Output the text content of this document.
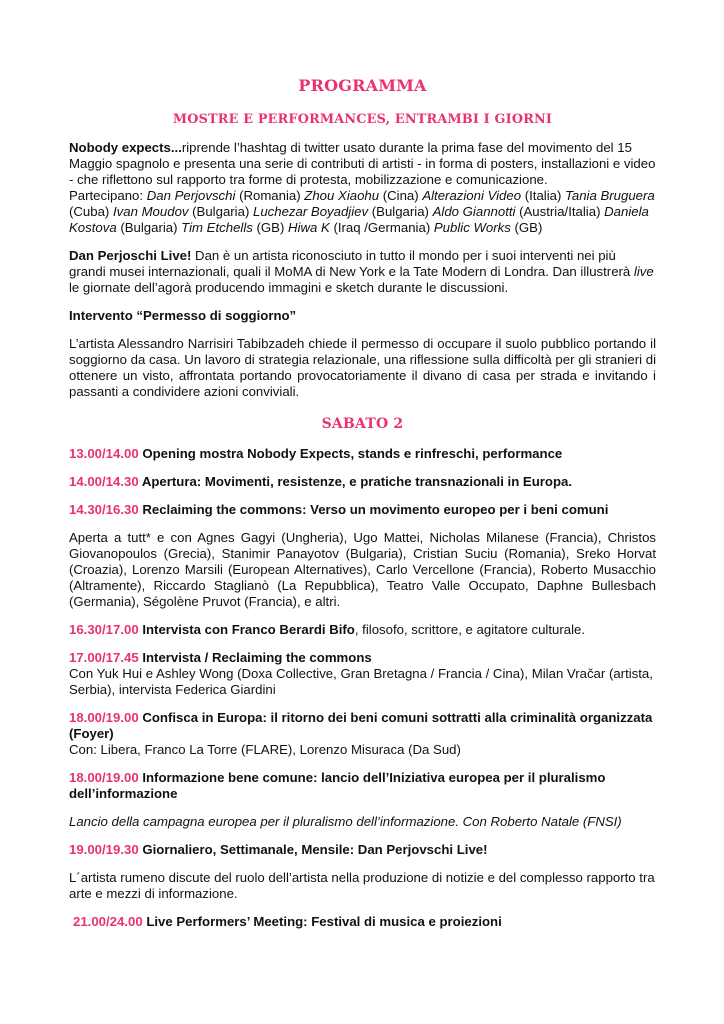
PROGRAMMA
MOSTRE E PERFORMANCES, ENTRAMBI I GIORNI

Nobody expects...riprende l’hashtag di twitter usato durante la prima fase del movimento del 15 Maggio spagnolo e presenta una serie di contributi di artisti - in forma di posters, installazioni e video - che riflettono sul rapporto tra forme di protesta, mobilizzazione e comunicazione.
Partecipano: Dan Perjovschi (Romania) Zhou Xiaohu (Cina) Alterazioni Video (Italia) Tania Bruguera (Cuba) Ivan Moudov (Bulgaria) Luchezar Boyadjiev (Bulgaria) Aldo Giannotti (Austria/Italia) Daniela Kostova (Bulgaria) Tim Etchells (GB) Hiwa K (Iraq /Germania) Public Works (GB)

Dan Perjoschi Live! Dan è un artista riconosciuto in tutto il mondo per i suoi interventi nei più grandi musei internazionali, quali il MoMA di New York e la Tate Modern di Londra. Dan illustrerà live le giornate dell’agorà producendo immagini e sketch durante le discussioni.

Intervento “Permesso di soggiorno”

L’artista Alessandro Narrisiri Tabibzadeh chiede il permesso di occupare il suolo pubblico portando il soggiorno da casa. Un lavoro di strategia relazionale, una riflessione sulla difficoltà per gli stranieri di ottenere un visto, affrontata portando provocatoriamente il divano di casa per strada e invitando i passanti a condividere azioni conviviali.

SABATO 2

13.00/14.00 Opening mostra Nobody Expects, stands e rinfreschi, performance

14.00/14.30 Apertura: Movimenti, resistenze, e pratiche transnazionali in Europa.

14.30/16.30 Reclaiming the commons: Verso un movimento europeo per i beni comuni

Aperta a tutt* e con Agnes Gagyi (Ungheria), Ugo Mattei, Nicholas Milanese (Francia), Christos Giovanopoulos (Grecia), Stanimir Panayotov (Bulgaria), Cristian Suciu (Romania), Sreko Horvat (Croazia), Lorenzo Marsili (European Alternatives), Carlo Vercellone (Francia), Roberto Musacchio (Altramente), Riccardo Staglianò (La Repubblica), Teatro Valle Occupato, Daphne Bullesbach (Germania), Ségolène Pruvot (Francia), e altri.

16.30/17.00 Intervista con Franco Berardi Bifo, filosofo, scrittore, e agitatore culturale.

17.00/17.45 Intervista / Reclaiming the commons
Con Yuk Hui e Ashley Wong (Doxa Collective, Gran Bretagna / Francia / Cina), Milan Vračar (artista, Serbia), intervista Federica Giardini

18.00/19.00 Confisca in Europa: il ritorno dei beni comuni sottratti alla criminalità organizzata (Foyer)
Con: Libera, Franco La Torre (FLARE), Lorenzo Misuraca (Da Sud)

18.00/19.00 Informazione bene comune: lancio dell’Iniziativa europea per il pluralismo dell’informazione

Lancio della campagna europea per il pluralismo dell’informazione. Con Roberto Natale (FNSI)

19.00/19.30 Giornaliero, Settimanale, Mensile: Dan Perjovschi Live!

L´artista rumeno discute del ruolo dell’artista nella produzione di notizie e del complesso rapporto tra arte e mezzi di informazione.

21.00/24.00 Live Performers’ Meeting: Festival di musica e proiezioni
